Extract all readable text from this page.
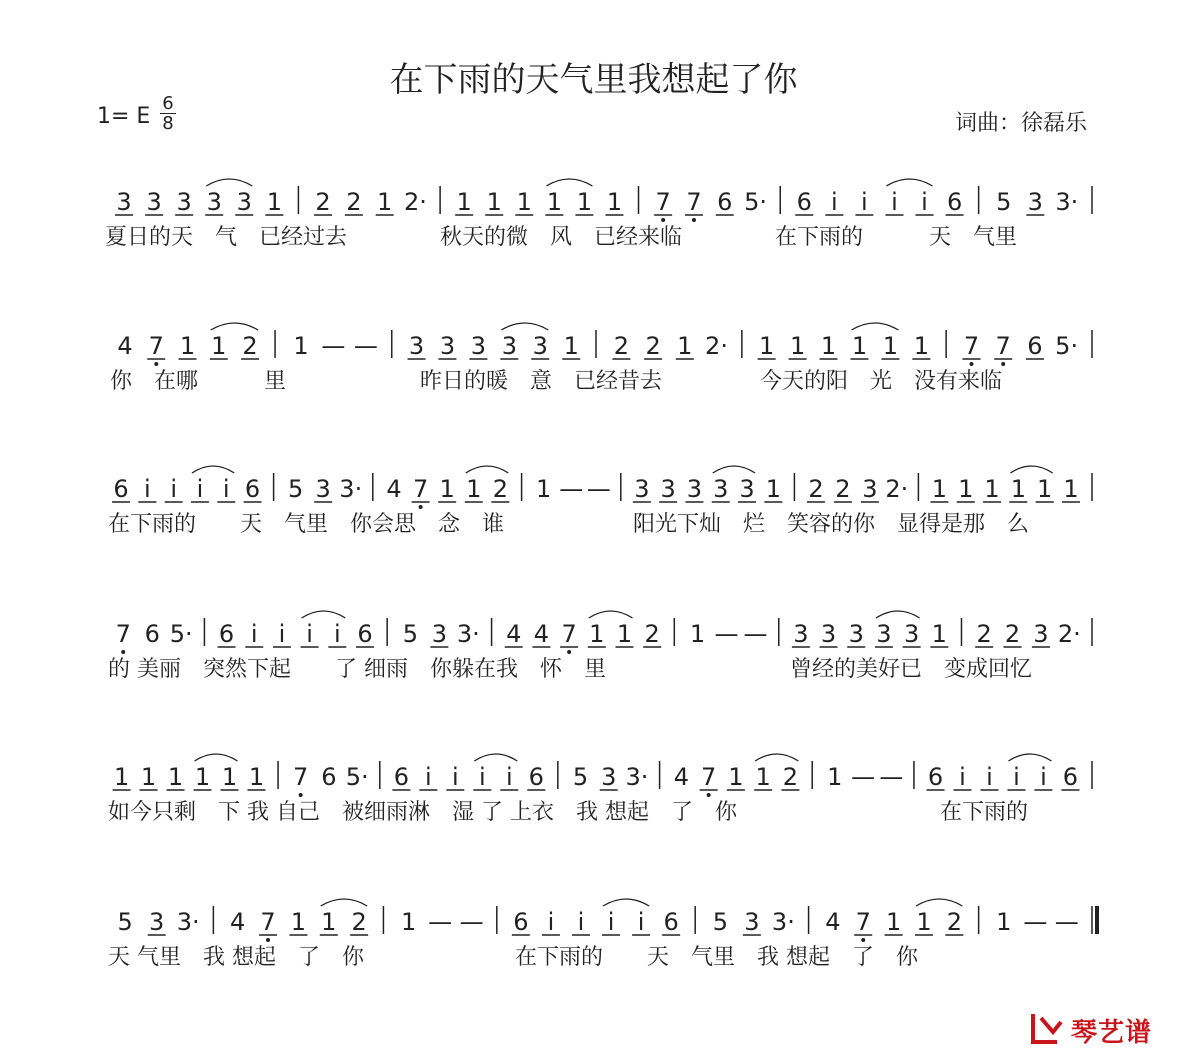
在下雨的天气里我想起了你
1= E
6
8	词曲：徐磊乐
3 3 3 3 3 1 2 2 1 2· 1 1 1 1 1 1 7 7 6 5· 6 i i i i 6 5 3 3·
夏日的天　气　已经过去	秋天的微　风　已经来临	在下雨的　　　天　气里
4 7 1 1 2 1 — — 3 3 3 3 3 1 2 2 1 2· 1 1 1 1 1 1 7 7 6 5·
你　在哪　　　里	昨日的暖　意　已经昔去	今天的阳　光　没有来临
6 i i i i 6 5 3 3· 4 7 1 1 2 1 — — 3 3 3 3 3 1 2 2 3 2· 1 1 1 1 1 1
在下雨的　　天　气里　你会思　念　谁	阳光下灿　烂　笑容的你　显得是那　么
7 6 5· 6 i i i i 6 5 3 3· 4 4 7 1 1 2 1 — — 3 3 3 3 3 1 2 2 3 2·
的 美丽　突然下起　　了 细雨　你躲在我　怀　里	曾经的美好已　变成回忆
1 1 1 1 1 1 7 6 5· 6 i i i i 6 5 3 3· 4 7 1 1 2 1 — — 6 i i i i 6
如今只剩　下 我 自己　被细雨淋　湿 了 上衣　我 想起　了　你	在下雨的
5 3 3· 4 7 1 1 2 1 — — 6 i i i i 6 5 3 3· 4 7 1 1 2 1 — —
天 气里　我 想起　了　你	在下雨的　　天　气里　我 想起　了　你
琴艺谱
